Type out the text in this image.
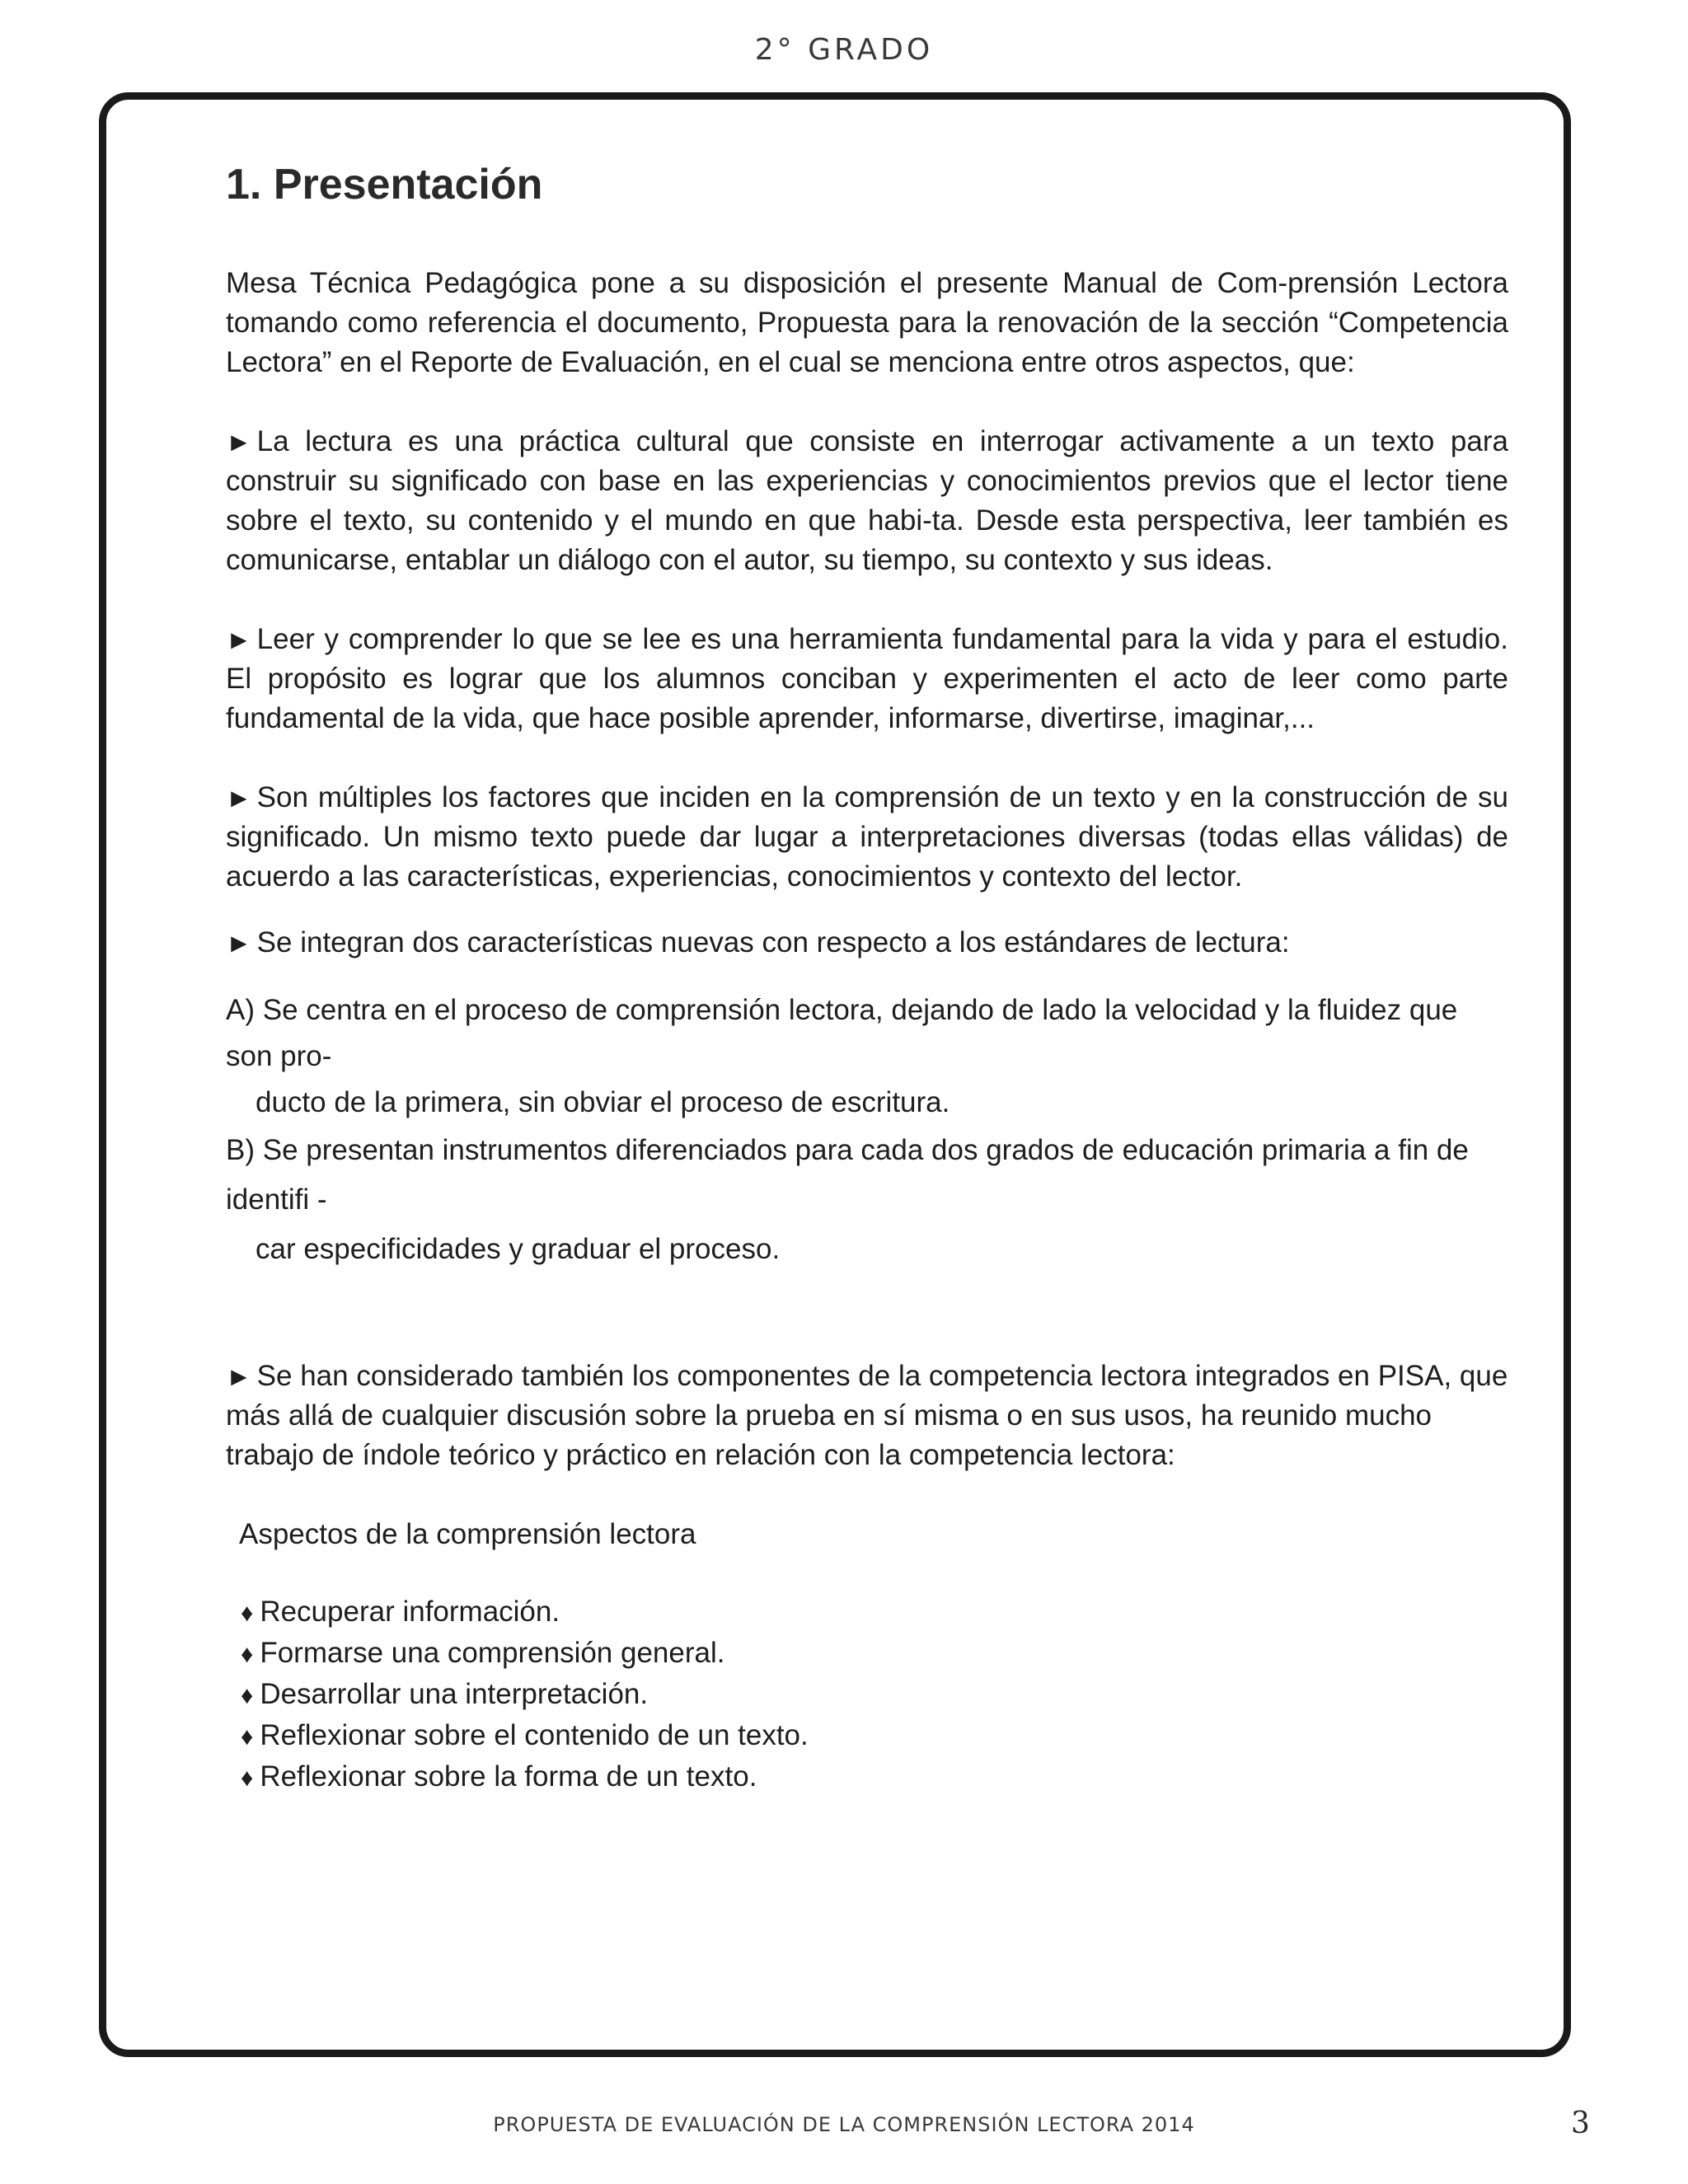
2° GRADO
1. Presentación

Mesa Técnica Pedagógica pone a su disposición el presente Manual de Com-prensión Lectora tomando como referencia el documento, Propuesta para la renovación de la sección “Competencia Lectora” en el Reporte de Evaluación, en el cual se menciona entre otros aspectos, que:

► La lectura es una práctica cultural que consiste en interrogar activamente a un texto para construir su significado con base en las experiencias y conocimientos previos que el lector tiene sobre el texto, su contenido y el mundo en que habi-ta. Desde esta perspectiva, leer también es comunicarse, entablar un diálogo con el autor, su tiempo, su contexto y sus ideas.

► Leer y comprender lo que se lee es una herramienta fundamental para la vida y para el estudio. El propósito es lograr que los alumnos conciban y experimenten el acto de leer como parte fundamental de la vida, que hace posible aprender, informarse, divertirse, imaginar,...

► Son múltiples los factores que inciden en la comprensión de un texto y en la construcción de su significado. Un mismo texto puede dar lugar a interpretaciones diversas (todas ellas válidas) de acuerdo a las características, experiencias, conocimientos y contexto del lector.

► Se integran dos características nuevas con respecto a los estándares de lectura:

A) Se centra en el proceso de comprensión lectora, dejando de lado la velocidad y la fluidez que son pro-
ducto de la primera, sin obviar el proceso de escritura.

B) Se presentan instrumentos diferenciados para cada dos grados de educación primaria a fin de identifi -
car especificidades y graduar el proceso.

► Se han considerado también los componentes de la competencia lectora integrados en PISA, que más allá de cualquier discusión sobre la prueba en sí misma o en sus usos, ha reunido mucho trabajo de índole teórico y práctico en relación con la competencia lectora:

Aspectos de la comprensión lectora

♦ Recuperar información.
♦ Formarse una comprensión general.
♦ Desarrollar una interpretación.
♦ Reflexionar sobre el contenido de un texto.
♦ Reflexionar sobre la forma de un texto.
PROPUESTA DE EVALUACIÓN DE LA COMPRENSIÓN LECTORA 2014	3
